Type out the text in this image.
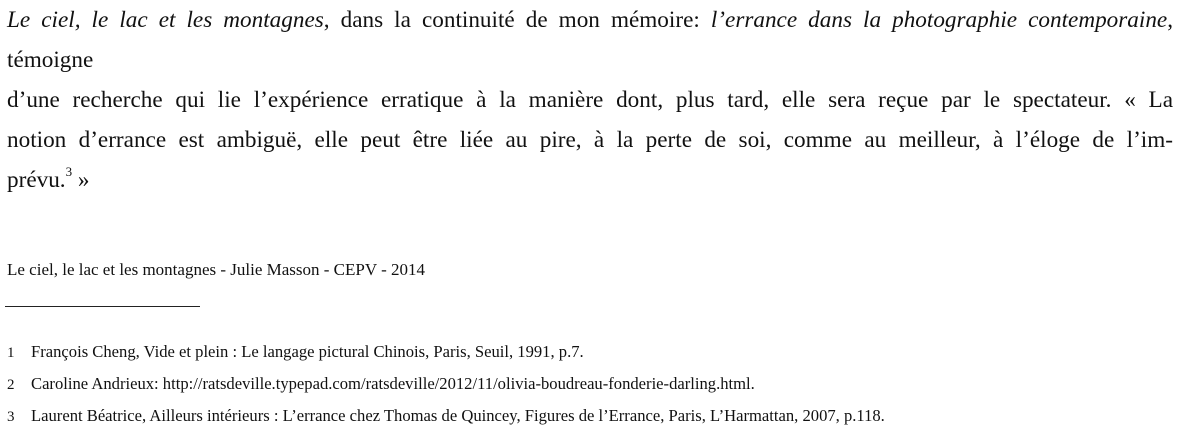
Le ciel, le lac et les montagnes, dans la continuité de mon mémoire: l’errance dans la photographie contemporaine, témoigne
d’une recherche qui lie l’expérience erratique à la manière dont, plus tard, elle sera reçue par le spectateur. « La
notion d’errance est ambiguë, elle peut être liée au pire, à la perte de soi, comme au meilleur, à l’éloge de l’im-
prévu.$^3$ »
Le ciel, le lac et les montagnes - Julie Masson - CEPV - 2014
1 François Cheng, Vide et plein : Le langage pictural Chinois, Paris, Seuil, 1991, p.7.
2 Caroline Andrieux: http://ratsdeville.typepad.com/ratsdeville/2012/11/olivia-boudreau-fonderie-darling.html.
3 Laurent Béatrice, Ailleurs intérieurs : L’errance chez Thomas de Quincey, Figures de l’Errance, Paris, L’Harmattan, 2007, p.118.
